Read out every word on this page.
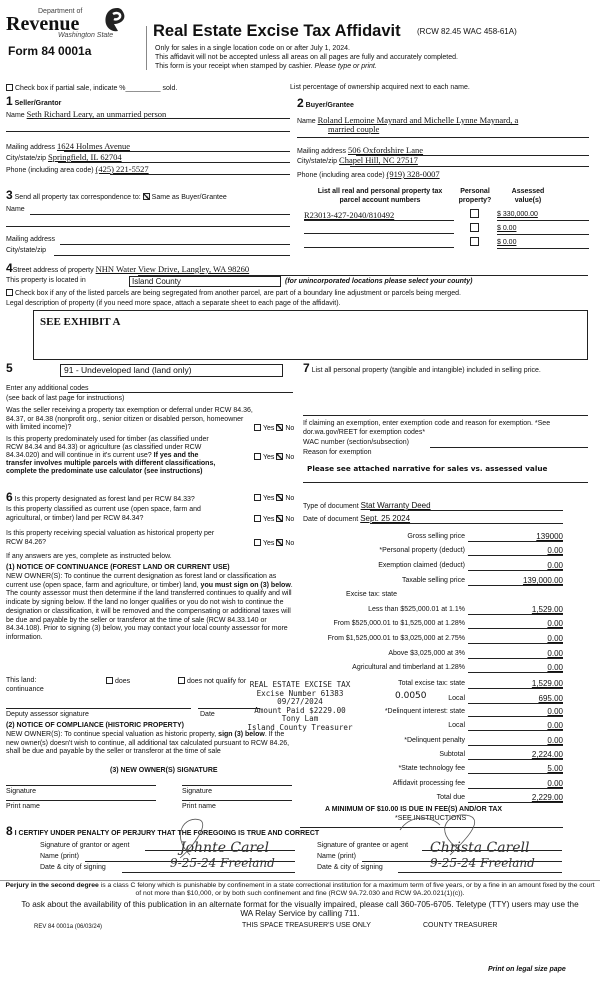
Department of
Revenue
Washington State
Form 84 0001a
Real Estate Excise Tax Affidavit (RCW 82.45 WAC 458-61A)
Only for sales in a single location code on or after July 1, 2024.
This affidavit will not be accepted unless all areas on all pages are fully and accurately completed.
This form is your receipt when stamped by cashier. Please type or print.
Check box if partial sale, indicate %_________ sold.	List percentage of ownership acquired next to each name.
1 Seller/Grantor
Name Seth Richard Leary, an unmarried person
Mailing address 1624 Holmes Avenue
City/state/zip Springfield, IL 62704
Phone (including area code) (425) 221-5527
2 Buyer/Grantee
Name Roland Lemoine Maynard and Michelle Lynne Maynard, a
married couple
Mailing address 506 Oxfordshire Lane
City/state/zip Chapel Hill, NC 27517
Phone (including area code) (919) 328-0007
3 Send all property tax correspondence to: Same as Buyer/Grantee
Name
Mailing address
City/state/zip
List all real and personal property tax parcel account numbers
Personal property?
Assessed value(s)
R23013-427-2040/810492	$ 330,000.00
$ 0.00
$ 0.00
4Street address of property NHN Water View Drive, Langley, WA 98260
This property is located in	Island County	(for unincorporated locations please select your county)
Check box if any of the listed parcels are being segregated from another parcel, are part of a boundary line adjustment or parcels being merged.
Legal description of property (if you need more space, attach a separate sheet to each page of the affidavit).
SEE EXHIBIT A
5	91 - Undeveloped land (land only)
Enter any additional codes
(see back of last page for instructions)
Was the seller receiving a property tax exemption or deferral under RCW 84.36, 84.37, or 84.38 (nonprofit org., senior citizen or disabled person, homeowner with limited income)?	Yes No
Is this property predominately used for timber (as classified under RCW 84.34 and 84.33) or agriculture (as classified under RCW 84.34.020) and will continue in it's current use? If yes and the transfer involves multiple parcels with different classifications, complete the predominate use calculator (see instructions)
Yes No
7 List all personal property (tangible and intangible) included in selling price.
If claiming an exemption, enter exemption code and reason for exemption. *See dor.wa.gov/REET for exemption codes*
WAC number (section/subsection)
Reason for exemption
Please see attached narrative for sales vs. assessed value
Type of document Stat Warranty Deed
Date of document Sept. 25 2024
Gross selling price	139000
*Personal property (deduct)	0.00
Exemption claimed (deduct)	0.00
Taxable selling price	139,000.00
Excise tax: state
Less than $525,000.01 at 1.1%	1,529.00
From $525,000.01 to $1,525,000 at 1.28%	0.00
From $1,525,000.01 to $3,025,000 at 2.75%	0.00
Above $3,025,000 at 3%	0.00
Agricultural and timberland at 1.28%	0.00
Total excise tax: state	1,529.00
Local	695.00
*Delinquent interest: state	0.00
Local	0.00
*Delinquent penalty	0.00
Subtotal	2,224.00
*State technology fee	5.00
Affidavit processing fee	0.00
Total due	2,229.00
0.0050
A MINIMUM OF $10.00 IS DUE IN FEE(S) AND/OR TAX
*SEE INSTRUCTIONS
REAL ESTATE EXCISE TAX
Excise Number 61383
09/27/2024
Amount Paid $2229.00
Tony Lam
Island County Treasurer
6 Is this property designated as forest land per RCW 84.33?	Yes No
Is this property classified as current use (open space, farm and agricultural, or timber) land per RCW 84.34?	Yes No
Is this property receiving special valuation as historical property per RCW 84.26?	Yes No
If any answers are yes, complete as instructed below.
(1) NOTICE OF CONTINUANCE (FOREST LAND OR CURRENT USE)
NEW OWNER(S): To continue the current designation as forest land or classification as current use (open space, farm and agriculture, or timber) land, you must sign on (3) below. The county assessor must then determine if the land transferred continues to qualify and will indicate by signing below. If the land no longer qualifies or you do not wish to continue the designation or classification, it will be removed and the compensating or additional taxes will be due and payable by the seller or transferor at the time of sale (RCW 84.33.140 or 84.34.108). Prior to signing (3) below, you may contact your local county assessor for more information.
This land:
continuance
does	does not qualify for
Deputy assessor signature	Date
(2) NOTICE OF COMPLIANCE (HISTORIC PROPERTY)
NEW OWNER(S): To continue special valuation as historic property, sign (3) below. If the new owner(s) doesn't wish to continue, all additional tax calculated pursuant to RCW 84.26, shall be due and payable by the seller or transferor at the time of sale
(3) NEW OWNER(S) SIGNATURE
Signature	Signature
Print name	Print name
8 I CERTIFY UNDER PENALTY OF PERJURY THAT THE FOREGOING IS TRUE AND CORRECT
Signature of grantor or agent
Name (print)
Date & city of signing
Signature of grantee or agent
Name (print)
Date & city of signing
Johnte Carel
9-25-24 Freeland
Christa Carell
9-25-24 Freeland
Perjury in the second degree is a class C felony which is punishable by confinement in a state correctional institution for a maximum term of five years, or by a fine in an amount fixed by the court of not more than $10,000, or by both such confinement and fine (RCW 9A.72.030 and RCW 9A.20.021(1)(c)).
To ask about the availability of this publication in an alternate format for the visually impaired, please call 360-705-6705. Teletype (TTY) users may use the WA Relay Service by calling 711.
REV 84 0001a (06/03/24)	THIS SPACE TREASURER'S USE ONLY	COUNTY TREASURER
Print on legal size pape
